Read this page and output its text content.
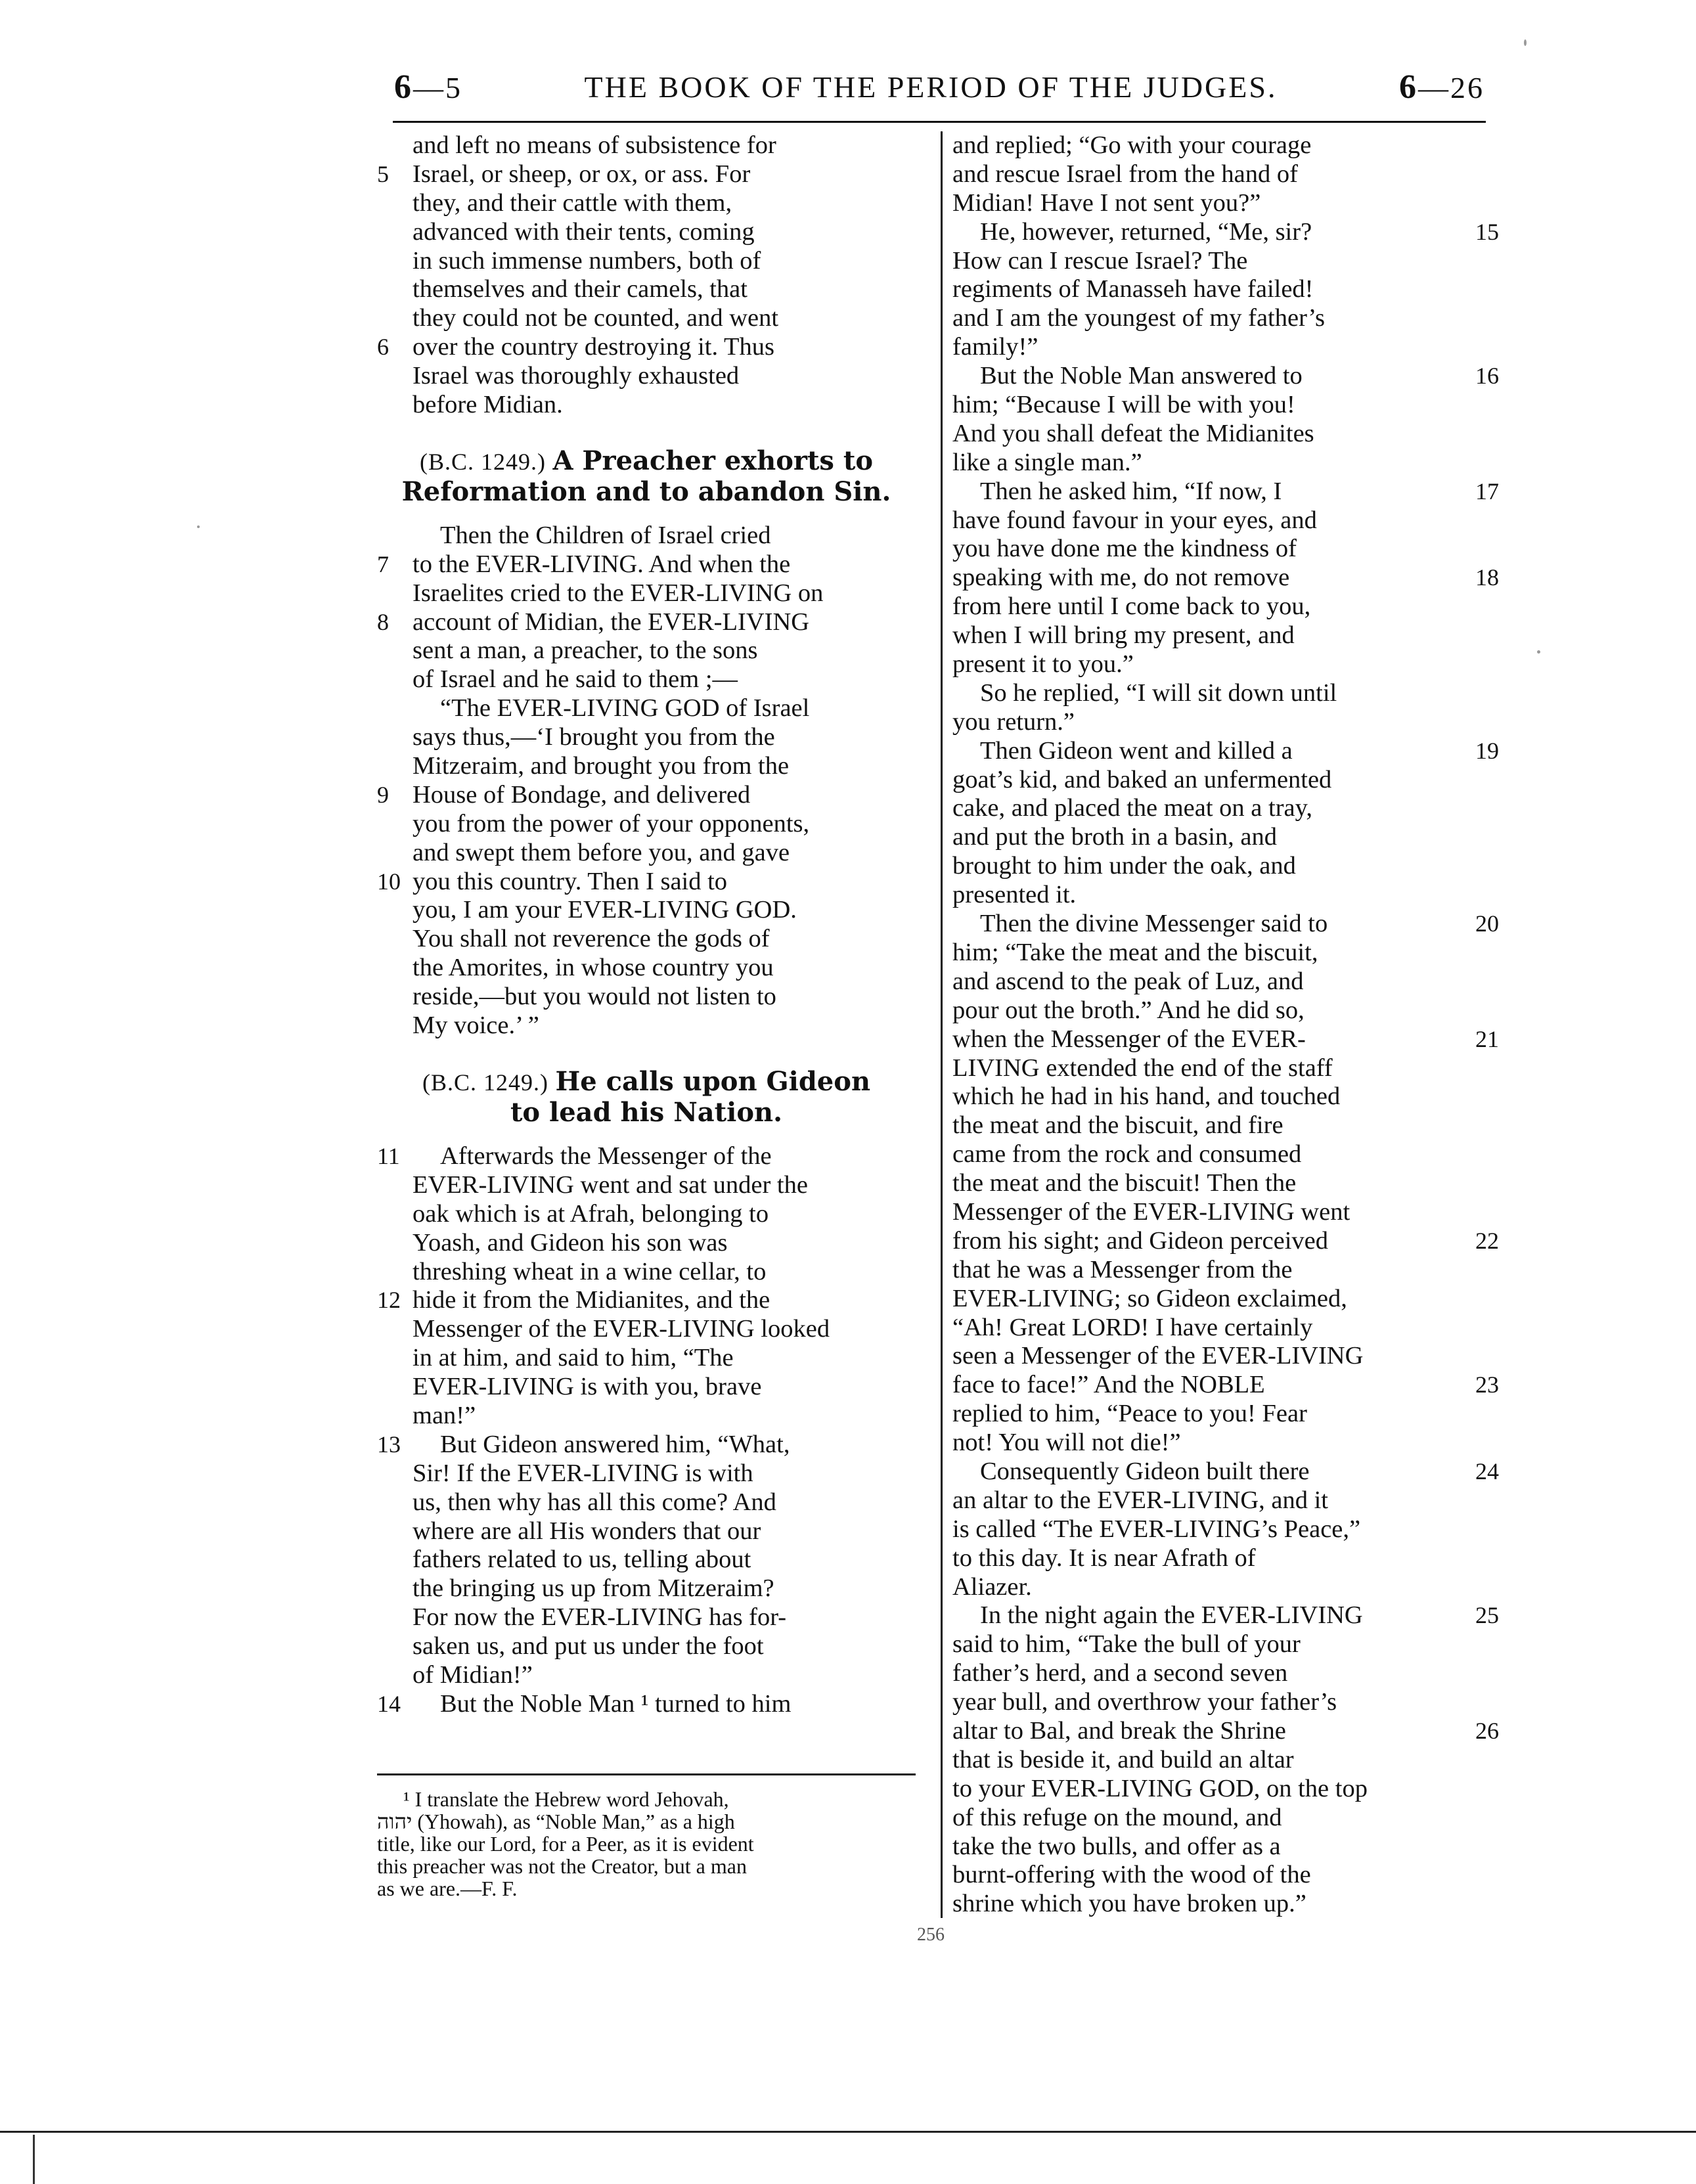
6—5	THE BOOK OF THE PERIOD OF THE JUDGES.	6—26
and left no means of subsistence for
5 Israel, or sheep, or ox, or ass. For
they, and their cattle with them,
advanced with their tents, coming
in such immense numbers, both of
themselves and their camels, that
they could not be counted, and went
6 over the country destroying it. Thus
Israel was thoroughly exhausted
before Midian.
(B.C. 1249.) A Preacher exhorts to
Reformation and to abandon Sin.
Then the Children of Israel cried
7 to the EVER-LIVING. And when the
Israelites cried to the EVER-LIVING on
8 account of Midian, the EVER-LIVING
sent a man, a preacher, to the sons
of Israel and he said to them ;—
“The EVER-LIVING GOD of Israel
says thus,—‘I brought you from the
Mitzeraim, and brought you from the
9 House of Bondage, and delivered
you from the power of your opponents,
and swept them before you, and gave
10 you this country. Then I said to
you, I am your EVER-LIVING GOD.
You shall not reverence the gods of
the Amorites, in whose country you
reside,—but you would not listen to
My voice.’ ”
(B.C. 1249.) He calls upon Gideon
to lead his Nation.
11	Afterwards the Messenger of the
EVER-LIVING went and sat under the
oak which is at Afrah, belonging to
Yoash, and Gideon his son was
threshing wheat in a wine cellar, to
12 hide it from the Midianites, and the
Messenger of the EVER-LIVING looked
in at him, and said to him, “The
EVER-LIVING is with you, brave
man!”
13	But Gideon answered him, “What,
Sir! If the EVER-LIVING is with
us, then why has all this come? And
where are all His wonders that our
fathers related to us, telling about
the bringing us up from Mitzeraim?
For now the EVER-LIVING has for-
saken us, and put us under the foot
of Midian!”
14	But the Noble Man ¹ turned to him
¹ I translate the Hebrew word Jehovah,
יהוה (Yhowah), as “Noble Man,” as a high
title, like our Lord, for a Peer, as it is evident
this preacher was not the Creator, but a man
as we are.—F. F.
and replied; “Go with your courage
and rescue Israel from the hand of
Midian! Have I not sent you?”
He, however, returned, “Me, sir?	15
How can I rescue Israel? The
regiments of Manasseh have failed!
and I am the youngest of my father’s
family!”
But the Noble Man answered to	16
him; “Because I will be with you!
And you shall defeat the Midianites
like a single man.”
Then he asked him, “If now, I	17
have found favour in your eyes, and
you have done me the kindness of
speaking with me, do not remove	18
from here until I come back to you,
when I will bring my present, and
present it to you.”
So he replied, “I will sit down until
you return.”
Then Gideon went and killed a	19
goat’s kid, and baked an unfermented
cake, and placed the meat on a tray,
and put the broth in a basin, and
brought to him under the oak, and
presented it.
Then the divine Messenger said to	20
him; “Take the meat and the biscuit,
and ascend to the peak of Luz, and
pour out the broth.” And he did so,
when the Messenger of the EVER-	21
LIVING extended the end of the staff
which he had in his hand, and touched
the meat and the biscuit, and fire
came from the rock and consumed
the meat and the biscuit! Then the
Messenger of the EVER-LIVING went
from his sight; and Gideon perceived	22
that he was a Messenger from the
EVER-LIVING; so Gideon exclaimed,
“Ah! Great LORD! I have certainly
seen a Messenger of the EVER-LIVING
face to face!” And the NOBLE	23
replied to him, “Peace to you! Fear
not! You will not die!”
Consequently Gideon built there	24
an altar to the EVER-LIVING, and it
is called “The EVER-LIVING’s Peace,”
to this day. It is near Afrath of
Aliazer.
In the night again the EVER-LIVING	25
said to him, “Take the bull of your
father’s herd, and a second seven
year bull, and overthrow your father’s
altar to Bal, and break the Shrine	26
that is beside it, and build an altar
to your EVER-LIVING GOD, on the top
of this refuge on the mound, and
take the two bulls, and offer as a
burnt-offering with the wood of the
shrine which you have broken up.”
256
